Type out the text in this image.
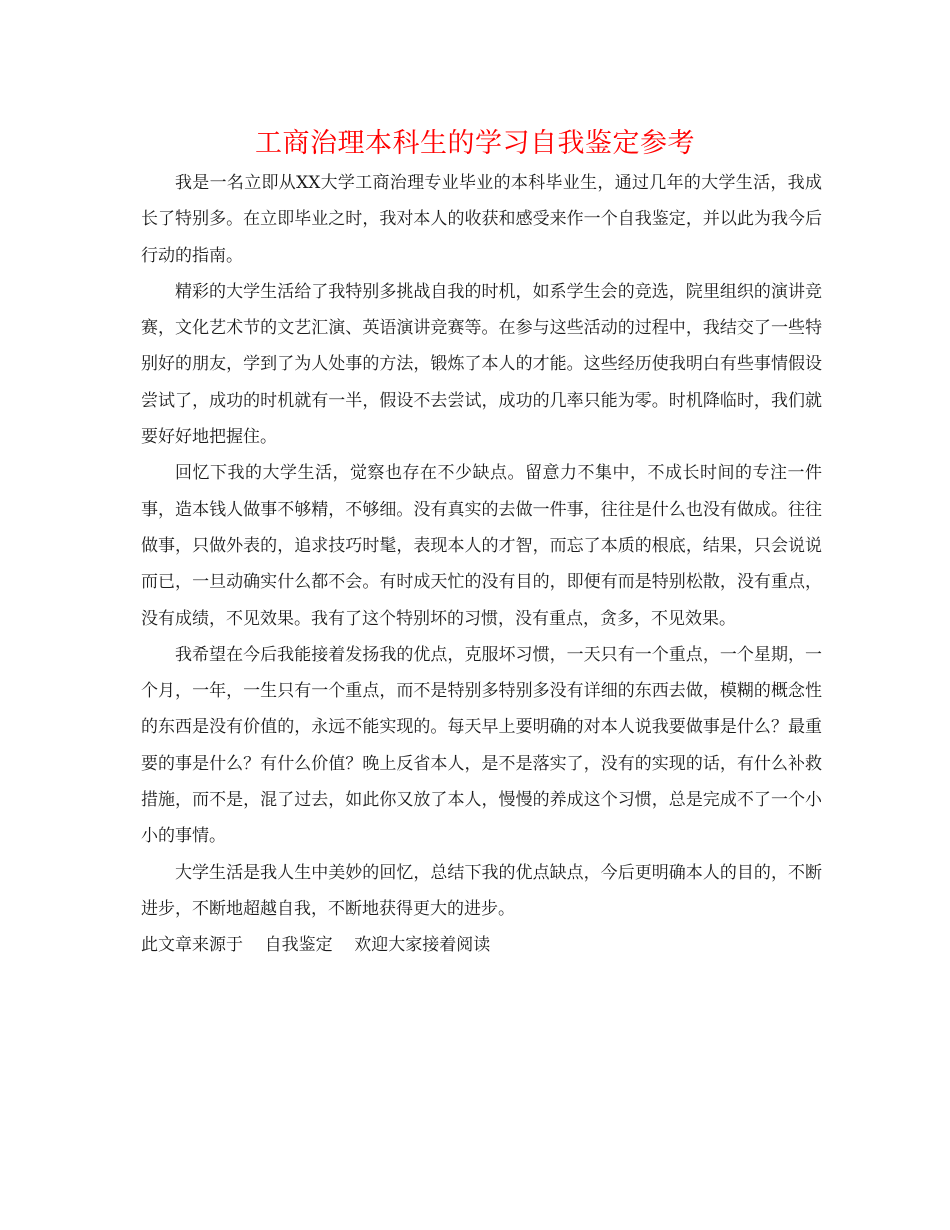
工商治理本科生的学习自我鉴定参考

我是一名立即从XX大学工商治理专业毕业的本科毕业生，通过几年的大学生活，我成长了特别多。在立即毕业之时，我对本人的收获和感受来作一个自我鉴定，并以此为我今后行动的指南。

精彩的大学生活给了我特别多挑战自我的时机，如系学生会的竞选，院里组织的演讲竞赛，文化艺术节的文艺汇演、英语演讲竞赛等。在参与这些活动的过程中，我结交了一些特别好的朋友，学到了为人处事的方法，锻炼了本人的才能。这些经历使我明白有些事情假设尝试了，成功的时机就有一半，假设不去尝试，成功的几率只能为零。时机降临时，我们就要好好地把握住。

回忆下我的大学生活，觉察也存在不少缺点。留意力不集中，不成长时间的专注一件事，造本钱人做事不够精，不够细。没有真实的去做一件事，往往是什么也没有做成。往往做事，只做外表的，追求技巧时髦，表现本人的才智，而忘了本质的根底，结果，只会说说而已，一旦动确实什么都不会。有时成天忙的没有目的，即便有而是特别松散，没有重点，没有成绩，不见效果。我有了这个特别坏的习惯，没有重点，贪多，不见效果。

我希望在今后我能接着发扬我的优点，克服坏习惯，一天只有一个重点，一个星期，一个月，一年，一生只有一个重点，而不是特别多特别多没有详细的东西去做，模糊的概念性的东西是没有价值的，永远不能实现的。每天早上要明确的对本人说我要做事是什么？最重要的事是什么？有什么价值？晚上反省本人，是不是落实了，没有的实现的话，有什么补救措施，而不是，混了过去，如此你又放了本人，慢慢的养成这个习惯，总是完成不了一个小小的事情。

大学生活是我人生中美妙的回忆，总结下我的优点缺点，今后更明确本人的目的，不断进步，不断地超越自我，不断地获得更大的进步。

此文章来源于 自我鉴定 欢迎大家接着阅读
